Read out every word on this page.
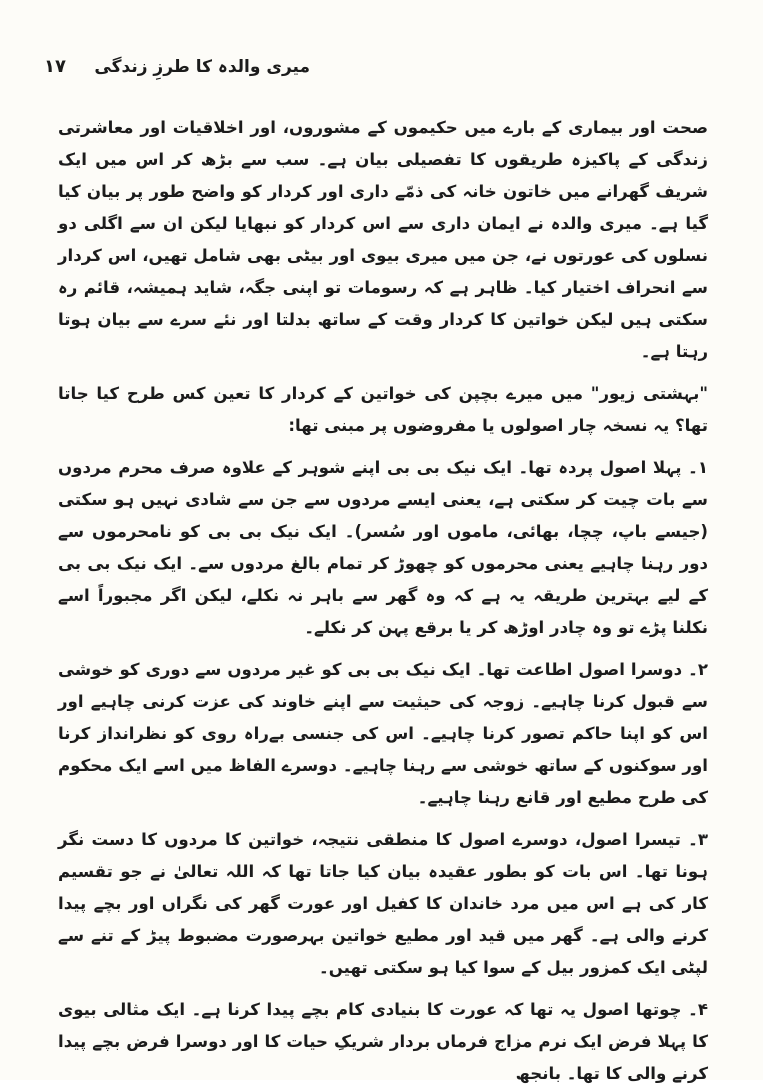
میری والدہ کا طرزِ زندگی
۱۷

صحت اور بیماری کے بارے میں حکیموں کے مشوروں، اور اخلاقیات اور معاشرتی زندگی کے پاکیزہ طریقوں کا تفصیلی بیان ہے۔ سب سے بڑھ کر اس میں ایک شریف گھرانے میں خاتون خانہ کی ذمّے داری اور کردار کو واضح طور پر بیان کیا گیا ہے۔ میری والدہ نے ایمان داری سے اس کردار کو نبھایا لیکن ان سے اگلی دو نسلوں کی عورتوں نے، جن میں میری بیوی اور بیٹی بھی شامل تھیں، اس کردار سے انحراف اختیار کیا۔ ظاہر ہے کہ رسومات تو اپنی جگہ، شاید ہمیشہ، قائم رہ سکتی ہیں لیکن خواتین کا کردار وقت کے ساتھ بدلتا اور نئے سرے سے بیان ہوتا رہتا ہے۔

"بہشتی زیور" میں میرے بچپن کی خواتین کے کردار کا تعین کس طرح کیا جاتا تھا؟ یہ نسخہ چار اصولوں یا مفروضوں پر مبنی تھا:

۱۔ پہلا اصول پردہ تھا۔ ایک نیک بی بی اپنے شوہر کے علاوہ صرف محرم مردوں سے بات چیت کر سکتی ہے، یعنی ایسے مردوں سے جن سے شادی نہیں ہو سکتی (جیسے باپ، چچا، بھائی، ماموں اور سُسر)۔ ایک نیک بی بی کو نامحرموں سے دور رہنا چاہیے یعنی محرموں کو چھوڑ کر تمام بالغ مردوں سے۔ ایک نیک بی بی کے لیے بہترین طریقہ یہ ہے کہ وہ گھر سے باہر نہ نکلے، لیکن اگر مجبوراً اسے نکلنا پڑے تو وہ چادر اوڑھ کر یا برقع پہن کر نکلے۔

۲۔ دوسرا اصول اطاعت تھا۔ ایک نیک بی بی کو غیر مردوں سے دوری کو خوشی سے قبول کرنا چاہیے۔ زوجہ کی حیثیت سے اپنے خاوند کی عزت کرنی چاہیے اور اس کو اپنا حاکم تصور کرنا چاہیے۔ اس کی جنسی بےراہ روی کو نظرانداز کرنا اور سوکنوں کے ساتھ خوشی سے رہنا چاہیے۔ دوسرے الفاظ میں اسے ایک محکوم کی طرح مطیع اور قانع رہنا چاہیے۔

۳۔ تیسرا اصول، دوسرے اصول کا منطقی نتیجہ، خواتین کا مردوں کا دست نگر ہونا تھا۔ اس بات کو بطور عقیدہ بیان کیا جاتا تھا کہ اللہ تعالیٰ نے جو تقسیم کار کی ہے اس میں مرد خاندان کا کفیل اور عورت گھر کی نگراں اور بچے پیدا کرنے والی ہے۔ گھر میں قید اور مطیع خواتین بہرصورت مضبوط پیڑ کے تنے سے لپٹی ایک کمزور بیل کے سوا کیا ہو سکتی تھیں۔

۴۔ چوتھا اصول یہ تھا کہ عورت کا بنیادی کام بچے پیدا کرنا ہے۔ ایک مثالی بیوی کا پہلا فرض ایک نرم مزاج فرماں بردار شریکِ حیات کا اور دوسرا فرض بچے پیدا کرنے والی کا تھا۔ بانجھ
